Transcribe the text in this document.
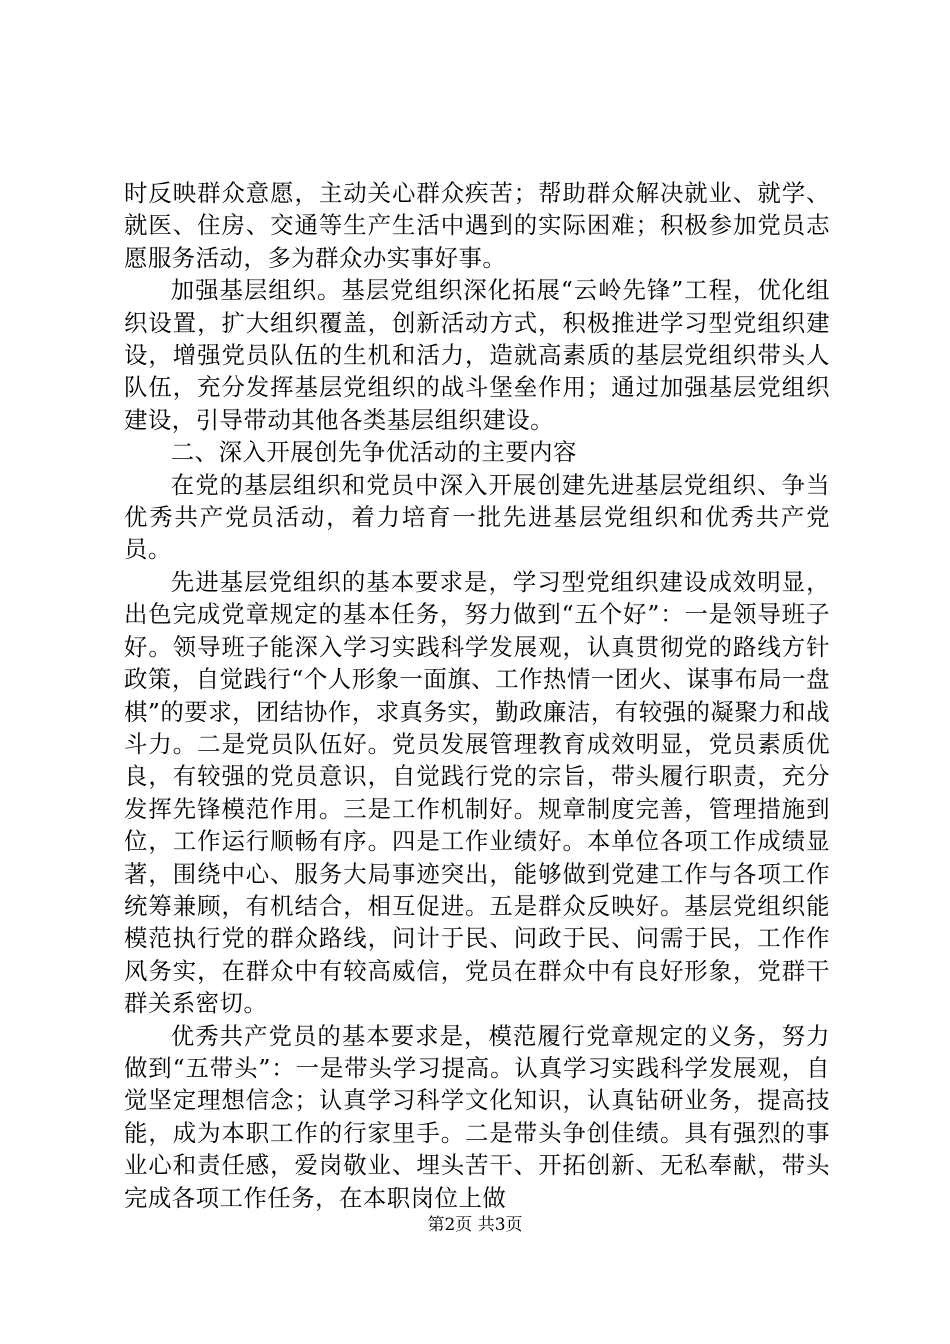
时反映群众意愿，主动关心群众疾苦；帮助群众解决就业、就学、就医、住房、交通等生产生活中遇到的实际困难；积极参加党员志愿服务活动，多为群众办实事好事。

加强基层组织。基层党组织深化拓展“云岭先锋”工程，优化组织设置，扩大组织覆盖，创新活动方式，积极推进学习型党组织建设，增强党员队伍的生机和活力，造就高素质的基层党组织带头人队伍，充分发挥基层党组织的战斗堡垒作用；通过加强基层党组织建设，引导带动其他各类基层组织建设。

二、深入开展创先争优活动的主要内容

在党的基层组织和党员中深入开展创建先进基层党组织、争当优秀共产党员活动，着力培育一批先进基层党组织和优秀共产党员。

先进基层党组织的基本要求是，学习型党组织建设成效明显，出色完成党章规定的基本任务，努力做到“五个好”：一是领导班子好。领导班子能深入学习实践科学发展观，认真贯彻党的路线方针政策，自觉践行“个人形象一面旗、工作热情一团火、谋事布局一盘棋”的要求，团结协作，求真务实，勤政廉洁，有较强的凝聚力和战斗力。二是党员队伍好。党员发展管理教育成效明显，党员素质优良，有较强的党员意识，自觉践行党的宗旨，带头履行职责，充分发挥先锋模范作用。三是工作机制好。规章制度完善，管理措施到位，工作运行顺畅有序。四是工作业绩好。本单位各项工作成绩显著，围绕中心、服务大局事迹突出，能够做到党建工作与各项工作统筹兼顾，有机结合，相互促进。五是群众反映好。基层党组织能模范执行党的群众路线，问计于民、问政于民、问需于民，工作作风务实，在群众中有较高威信，党员在群众中有良好形象，党群干群关系密切。

优秀共产党员的基本要求是，模范履行党章规定的义务，努力做到“五带头”：一是带头学习提高。认真学习实践科学发展观，自觉坚定理想信念；认真学习科学文化知识，认真钻研业务，提高技能，成为本职工作的行家里手。二是带头争创佳绩。具有强烈的事业心和责任感，爱岗敬业、埋头苦干、开拓创新、无私奉献，带头完成各项工作任务，在本职岗位上做

第2页 共3页
